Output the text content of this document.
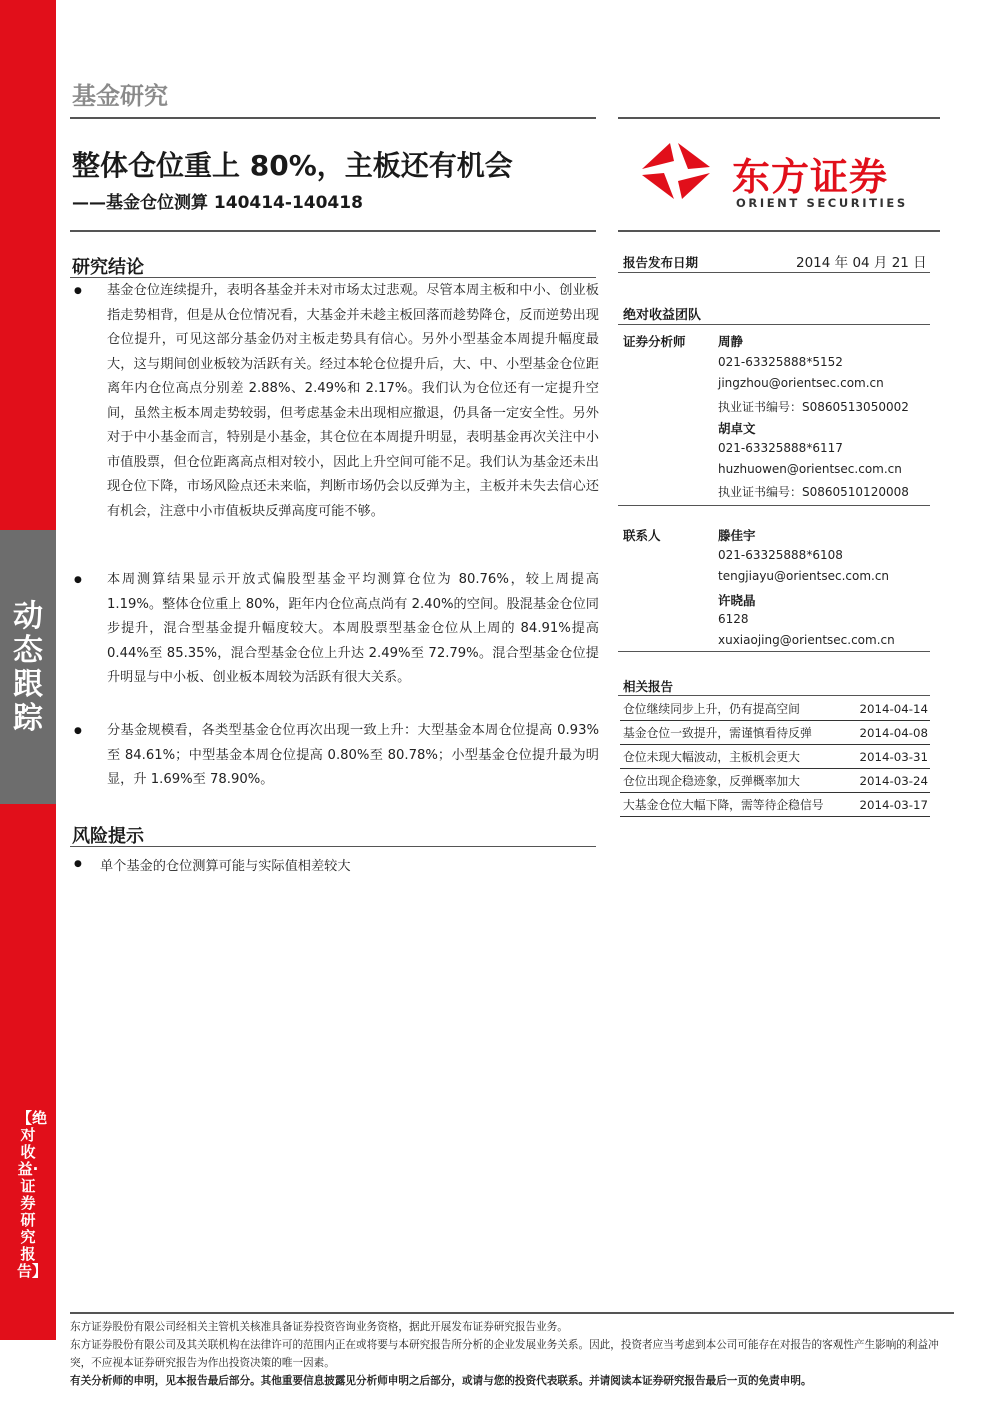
动态跟踪
【绝对收益·证券研究报告】
基金研究
整体仓位重上 80%，主板还有机会
——基金仓位测算 140414-140418
东方证券
ORIENT SECURITIES
研究结论
● 基金仓位连续提升，表明各基金并未对市场太过悲观。尽管本周主板和中小、创业板指走势相背，但是从仓位情况看，大基金并未趁主板回落而趁势降仓，反而逆势出现仓位提升，可见这部分基金仍对主板走势具有信心。另外小型基金本周提升幅度最大，这与期间创业板较为活跃有关。经过本轮仓位提升后，大、中、小型基金仓位距离年内仓位高点分别差 2.88%、2.49%和 2.17%。我们认为仓位还有一定提升空间，虽然主板本周走势较弱，但考虑基金未出现相应撤退，仍具备一定安全性。另外对于中小基金而言，特别是小基金，其仓位在本周提升明显，表明基金再次关注中小市值股票，但仓位距离高点相对较小，因此上升空间可能不足。我们认为基金还未出现仓位下降，市场风险点还未来临，判断市场仍会以反弹为主，主板并未失去信心还有机会，注意中小市值板块反弹高度可能不够。
● 本周测算结果显示开放式偏股型基金平均测算仓位为 80.76%，较上周提高 1.19%。整体仓位重上 80%，距年内仓位高点尚有 2.40%的空间。股混基金仓位同步提升，混合型基金提升幅度较大。本周股票型基金仓位从上周的 84.91%提高 0.44%至 85.35%，混合型基金仓位上升达 2.49%至 72.79%。混合型基金仓位提升明显与中小板、创业板本周较为活跃有很大关系。
● 分基金规模看，各类型基金仓位再次出现一致上升：大型基金本周仓位提高 0.93%至 84.61%；中型基金本周仓位提高 0.80%至 80.78%；小型基金仓位提升最为明显，升 1.69%至 78.90%。
风险提示
● 单个基金的仓位测算可能与实际值相差较大
报告发布日期	2014 年 04 月 21 日
绝对收益团队
证券分析师	周静
021-63325888*5152
jingzhou@orientsec.com.cn
执业证书编号：S0860513050002
胡卓文
021-63325888*6117
huzhuowen@orientsec.com.cn
执业证书编号：S0860510120008
联系人	滕佳宇
021-63325888*6108
tengjiayu@orientsec.com.cn
许晓晶
6128
xuxiaojing@orientsec.com.cn
相关报告
仓位继续同步上升，仍有提高空间	2014-04-14
基金仓位一致提升，需谨慎看待反弹	2014-04-08
仓位未现大幅波动，主板机会更大	2014-03-31
仓位出现企稳迹象，反弹概率加大	2014-03-24
大基金仓位大幅下降，需等待企稳信号	2014-03-17
东方证券股份有限公司经相关主管机关核准具备证券投资咨询业务资格，据此开展发布证券研究报告业务。
东方证券股份有限公司及其关联机构在法律许可的范围内正在或将要与本研究报告所分析的企业发展业务关系。因此，投资者应当考虑到本公司可能存在对报告的客观性产生影响的利益冲突，不应视本证券研究报告为作出投资决策的唯一因素。
有关分析师的申明，见本报告最后部分。其他重要信息披露见分析师申明之后部分，或请与您的投资代表联系。并请阅读本证券研究报告最后一页的免责申明。
